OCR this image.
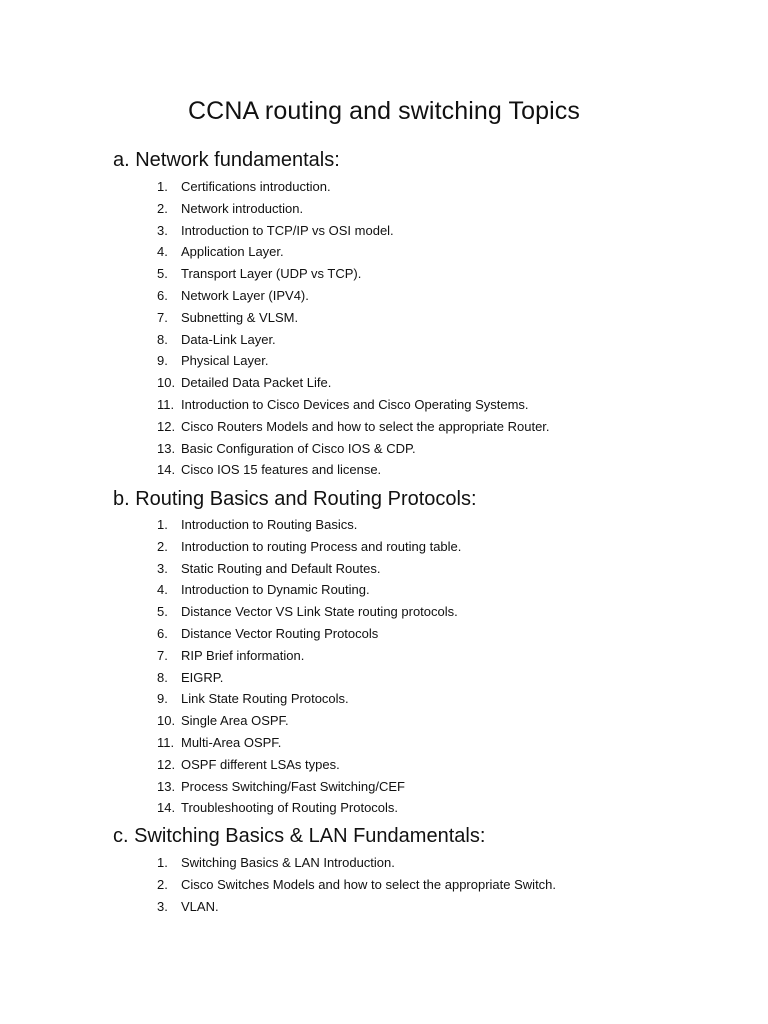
CCNA routing and switching Topics
a. Network fundamentals:
1. Certifications introduction.
2. Network introduction.
3. Introduction to TCP/IP vs OSI model.
4. Application Layer.
5. Transport Layer (UDP vs TCP).
6. Network Layer (IPV4).
7. Subnetting & VLSM.
8. Data-Link Layer.
9. Physical Layer.
10. Detailed Data Packet Life.
11. Introduction to Cisco Devices and Cisco Operating Systems.
12. Cisco Routers Models and how to select the appropriate Router.
13. Basic Configuration of Cisco IOS & CDP.
14. Cisco IOS 15 features and license.
b. Routing Basics and Routing Protocols:
1. Introduction to Routing Basics.
2. Introduction to routing Process and routing table.
3. Static Routing and Default Routes.
4. Introduction to Dynamic Routing.
5. Distance Vector VS Link State routing protocols.
6. Distance Vector Routing Protocols
7. RIP Brief information.
8. EIGRP.
9. Link State Routing Protocols.
10. Single Area OSPF.
11. Multi-Area OSPF.
12. OSPF different LSAs types.
13. Process Switching/Fast Switching/CEF
14. Troubleshooting of Routing Protocols.
c. Switching Basics & LAN Fundamentals:
1. Switching Basics & LAN Introduction.
2. Cisco Switches Models and how to select the appropriate Switch.
3. VLAN.
